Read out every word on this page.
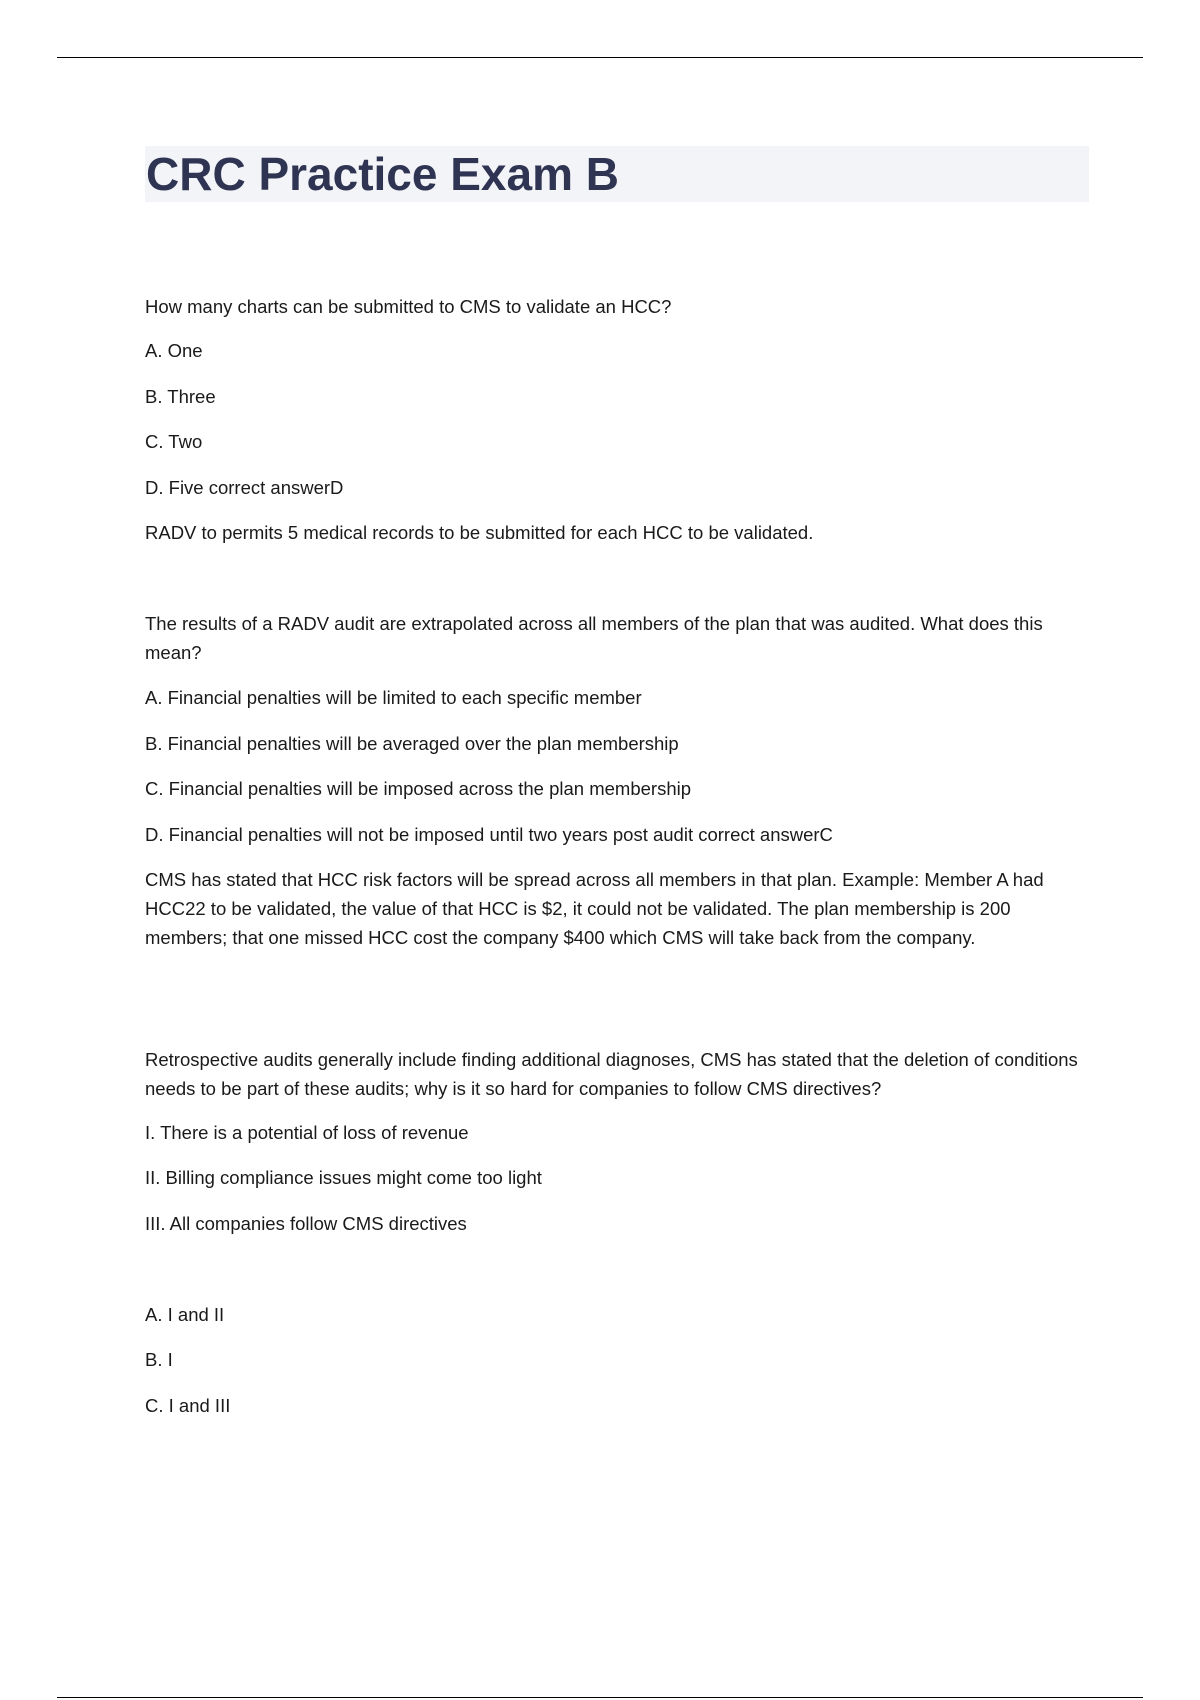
CRC Practice Exam B
How many charts can be submitted to CMS to validate an HCC?
A. One
B. Three
C. Two
D. Five correct answerD
RADV to permits 5 medical records to be submitted for each HCC to be validated.
The results of a RADV audit are extrapolated across all members of the plan that was audited. What does this mean?
A. Financial penalties will be limited to each specific member
B. Financial penalties will be averaged over the plan membership
C. Financial penalties will be imposed across the plan membership
D. Financial penalties will not be imposed until two years post audit correct answerC
CMS has stated that HCC risk factors will be spread across all members in that plan. Example: Member A had HCC22 to be validated, the value of that HCC is $2, it could not be validated. The plan membership is 200 members; that one missed HCC cost the company $400 which CMS will take back from the company.
Retrospective audits generally include finding additional diagnoses, CMS has stated that the deletion of conditions needs to be part of these audits; why is it so hard for companies to follow CMS directives?
I. There is a potential of loss of revenue
II. Billing compliance issues might come too light
III. All companies follow CMS directives
A. I and II
B. I
C. I and III
